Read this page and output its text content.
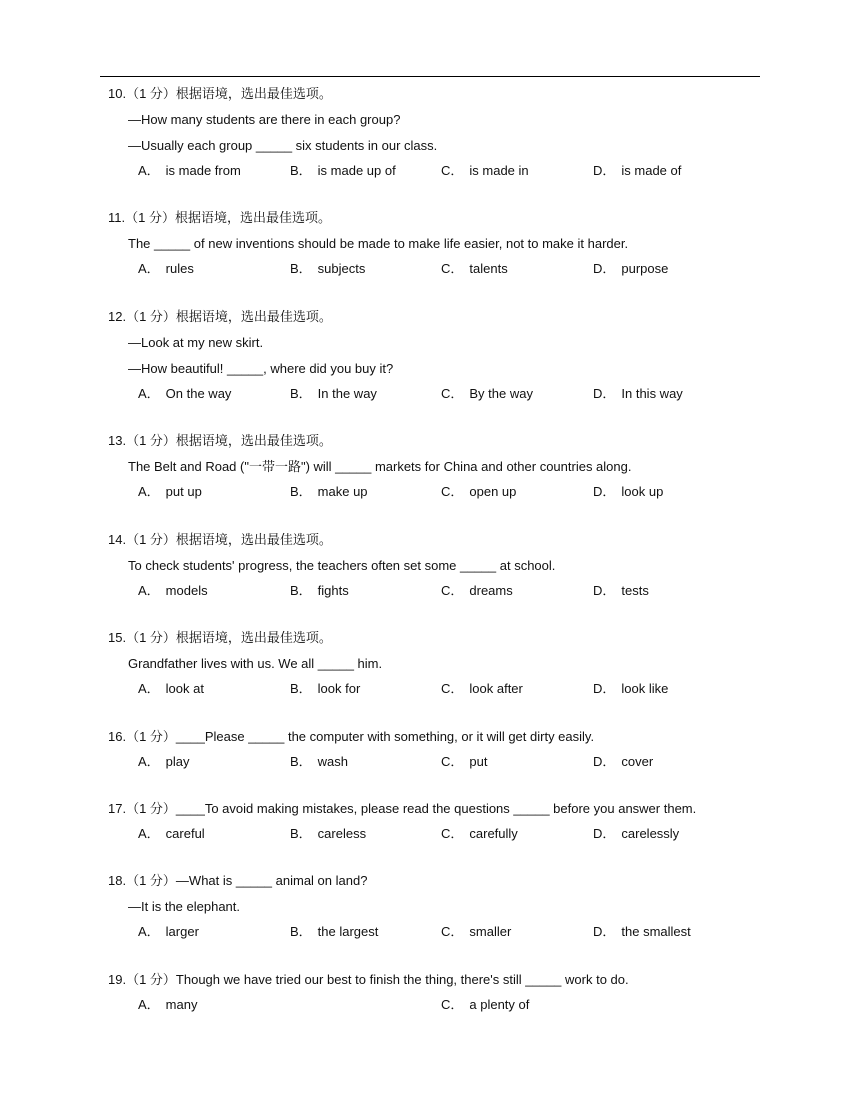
10.（1 分）根据语境，选出最佳选项。
—How many students are there in each group?
—Usually each group _____ six students in our class.
A． is made from	B． is made up of	C． is made in	D． is made of
11.（1 分）根据语境，选出最佳选项。
The _____ of new inventions should be made to make life easier, not to make it harder.
A． rules	B． subjects	C． talents	D． purpose
12.（1 分）根据语境，选出最佳选项。
—Look at my new skirt.
—How beautiful! _____, where did you buy it?
A． On the way	B． In the way	C． By the way	D． In this way
13.（1 分）根据语境，选出最佳选项。
The Belt and Road ("一带一路") will _____ markets for China and other countries along.
A． put up	B． make up	C． open up	D． look up
14.（1 分）根据语境，选出最佳选项。
To check students' progress, the teachers often set some _____ at school.
A． models	B． fights	C． dreams	D． tests
15.（1 分）根据语境，选出最佳选项。
Grandfather lives with us. We all _____ him.
A． look at	B． look for	C． look after	D． look like
16.（1 分）____Please _____ the computer with something, or it will get dirty easily.
A． play	B． wash	C． put	D． cover
17.（1 分）____To avoid making mistakes, please read the questions _____ before you answer them.
A． careful	B． careless	C． carefully	D． carelessly
18.（1 分）—What is _____ animal on land?
—It is the elephant.
A． larger	B． the largest	C． smaller	D． the smallest
19.（1 分）Though we have tried our best to finish the thing, there's still _____ work to do.
A． many	C． a plenty of
